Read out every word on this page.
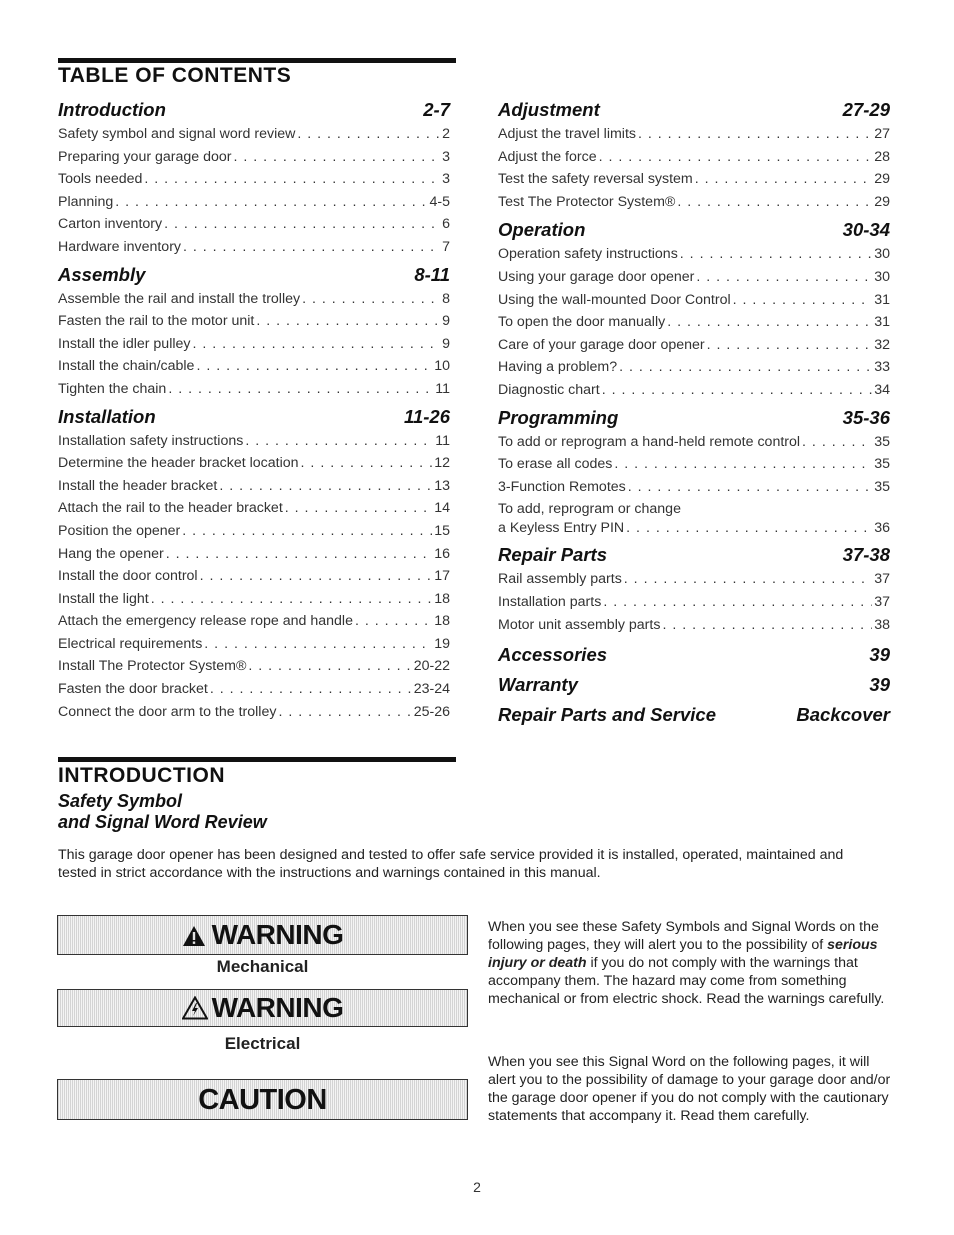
TABLE OF CONTENTS
Introduction	2-7
Safety symbol and signal word review . . .	2
Preparing your garage door . . .	3
Tools needed . . .	3
Planning . . .	4-5
Carton inventory . . .	6
Hardware inventory . . .	7
Assembly	8-11
Assemble the rail and install the trolley . . .	8
Fasten the rail to the motor unit . . .	9
Install the idler pulley . . .	9
Install the chain/cable . . .	10
Tighten the chain . . .	11
Installation	11-26
Installation safety instructions . . .	11
Determine the header bracket location . . .	12
Install the header bracket . . .	13
Attach the rail to the header bracket . . .	14
Position the opener . . .	15
Hang the opener . . .	16
Install the door control . . .	17
Install the light . . .	18
Attach the emergency release rope and handle . . .	18
Electrical requirements . . .	19
Install The Protector System® . . .	20-22
Fasten the door bracket . . .	23-24
Connect the door arm to the trolley . . .	25-26
Adjustment	27-29
Adjust the travel limits . . .	27
Adjust the force . . .	28
Test the safety reversal system . . .	29
Test The Protector System® . . .	29
Operation	30-34
Operation safety instructions . . .	30
Using your garage door opener . . .	30
Using the wall-mounted Door Control . . .	31
To open the door manually . . .	31
Care of your garage door opener . . .	32
Having a problem? . . .	33
Diagnostic chart . . .	34
Programming	35-36
To add or reprogram a hand-held remote control . . .	35
To erase all codes . . .	35
3-Function Remotes . . .	35
To add, reprogram or change
a Keyless Entry PIN . . .	36
Repair Parts	37-38
Rail assembly parts . . .	37
Installation parts . . .	37
Motor unit assembly parts . . .	38
Accessories	39
Warranty	39
Repair Parts and Service	Backcover
INTRODUCTION
Safety Symbol
and Signal Word Review
This garage door opener has been designed and tested to offer safe service provided it is installed, operated, maintained and tested in strict accordance with the instructions and warnings contained in this manual.
WARNING
Mechanical
WARNING
Electrical
CAUTION
When you see these Safety Symbols and Signal Words on the following pages, they will alert you to the possibility of serious injury or death if you do not comply with the warnings that accompany them. The hazard may come from something mechanical or from electric shock. Read the warnings carefully.
When you see this Signal Word on the following pages, it will alert you to the possibility of damage to your garage door and/or the garage door opener if you do not comply with the cautionary statements that accompany it. Read them carefully.
2
